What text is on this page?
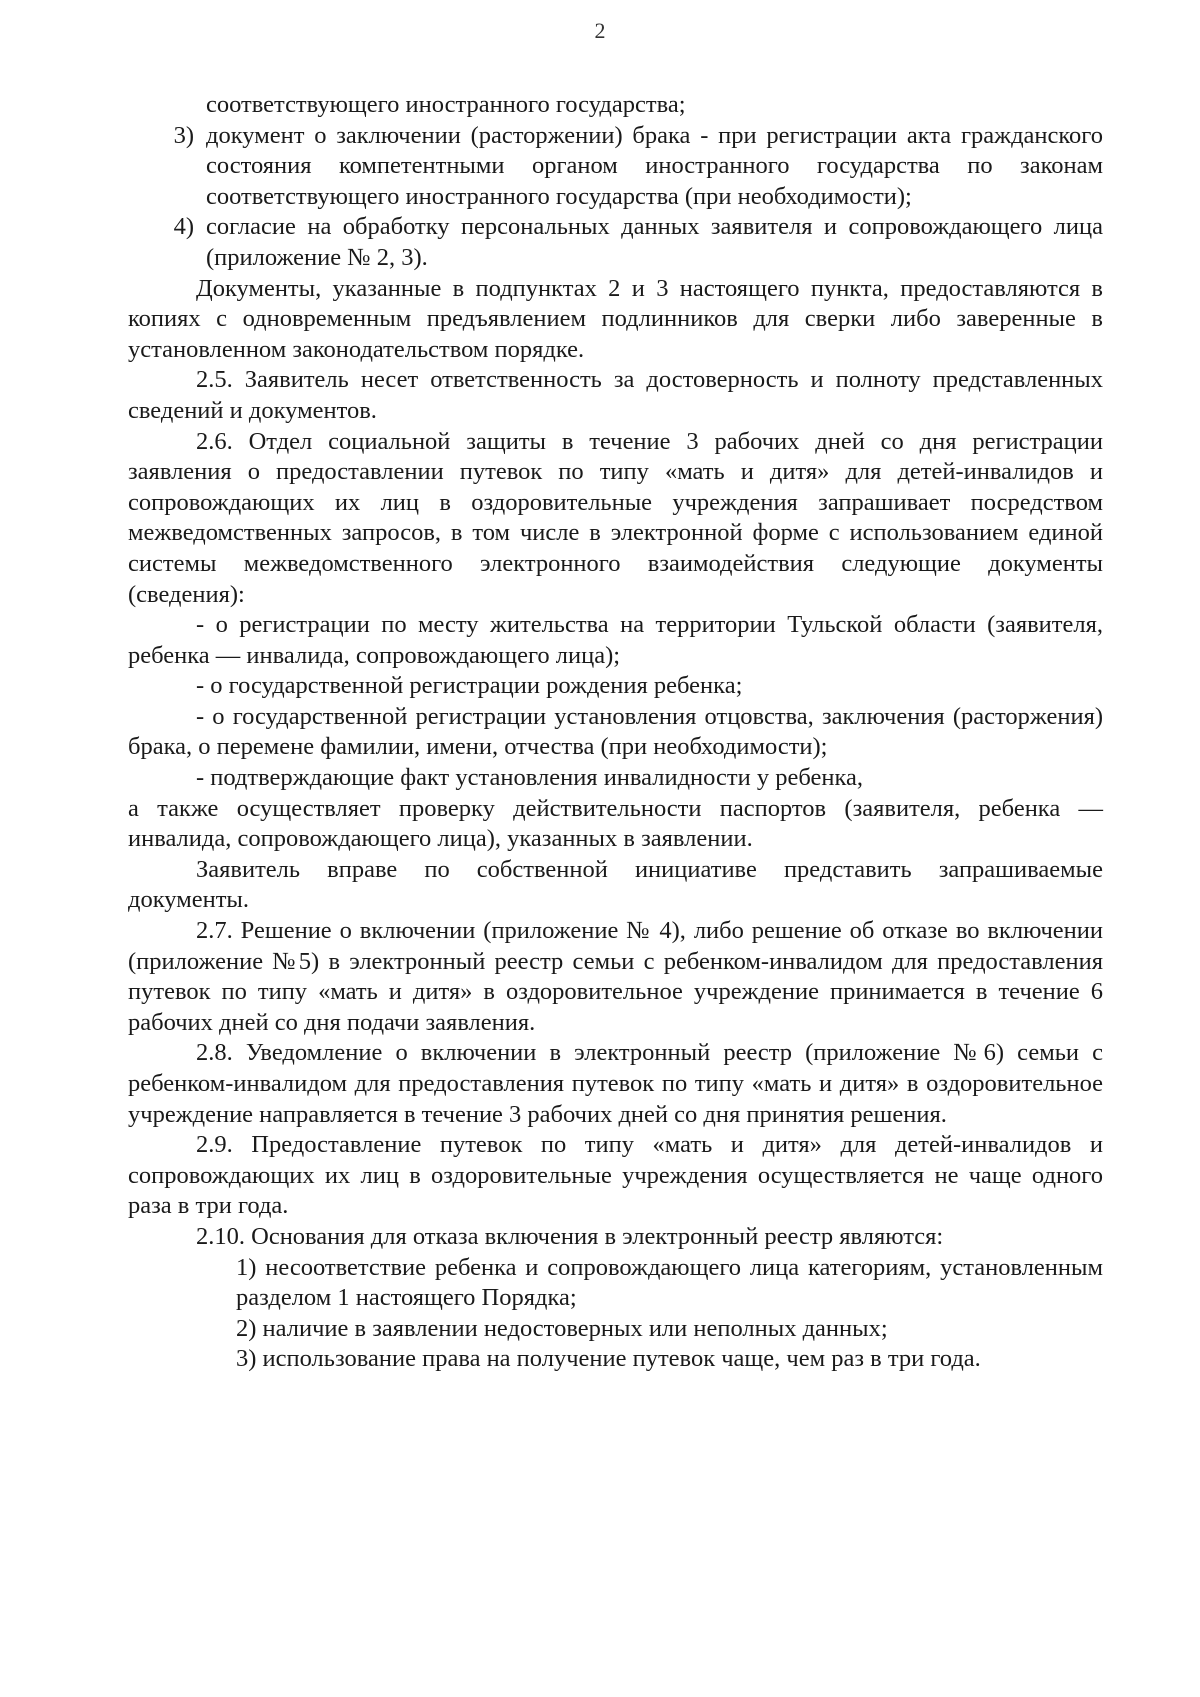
2

соответствующего иностранного государства;

3) документ о заключении (расторжении) брака - при регистрации акта гражданского состояния компетентными органом иностранного государства по законам соответствующего иностранного государства (при необходимости);
4) согласие на обработку персональных данных заявителя и сопровождающего лица (приложение № 2, 3).

Документы, указанные в подпунктах 2 и 3 настоящего пункта, предоставляются в копиях с одновременным предъявлением подлинников для сверки либо заверенные в установленном законодательством порядке.

2.5. Заявитель несет ответственность за достоверность и полноту представленных сведений и документов.

2.6. Отдел социальной защиты в течение 3 рабочих дней со дня регистрации заявления о предоставлении путевок по типу «мать и дитя» для детей-инвалидов и сопровождающих их лиц в оздоровительные учреждения запрашивает посредством межведомственных запросов, в том числе в электронной форме с использованием единой системы межведомственного электронного взаимодействия следующие документы (сведения):

- о регистрации по месту жительства на территории Тульской области (заявителя, ребенка — инвалида, сопровождающего лица);

- о государственной регистрации рождения ребенка;

- о государственной регистрации установления отцовства, заключения (расторжения) брака, о перемене фамилии, имени, отчества (при необходимости);

- подтверждающие факт установления инвалидности у ребенка,

а также осуществляет проверку действительности паспортов (заявителя, ребенка — инвалида, сопровождающего лица), указанных в заявлении.

Заявитель вправе по собственной инициативе представить запрашиваемые документы.

2.7. Решение о включении (приложение № 4), либо решение об отказе во включении (приложение №5) в электронный реестр семьи с ребенком-инвалидом для предоставления путевок по типу «мать и дитя» в оздоровительное учреждение принимается в течение 6 рабочих дней со дня подачи заявления.

2.8. Уведомление о включении в электронный реестр (приложение №6) семьи с ребенком-инвалидом для предоставления путевок по типу «мать и дитя» в оздоровительное учреждение направляется в течение 3 рабочих дней со дня принятия решения.

2.9. Предоставление путевок по типу «мать и дитя» для детей-инвалидов и сопровождающих их лиц в оздоровительные учреждения осуществляется не чаще одного раза в три года.

2.10. Основания для отказа включения в электронный реестр являются:

1) несоответствие ребенка и сопровождающего лица категориям, установленным разделом 1 настоящего Порядка;

2) наличие в заявлении недостоверных или неполных данных;

3) использование права на получение путевок чаще, чем раз в три года.
